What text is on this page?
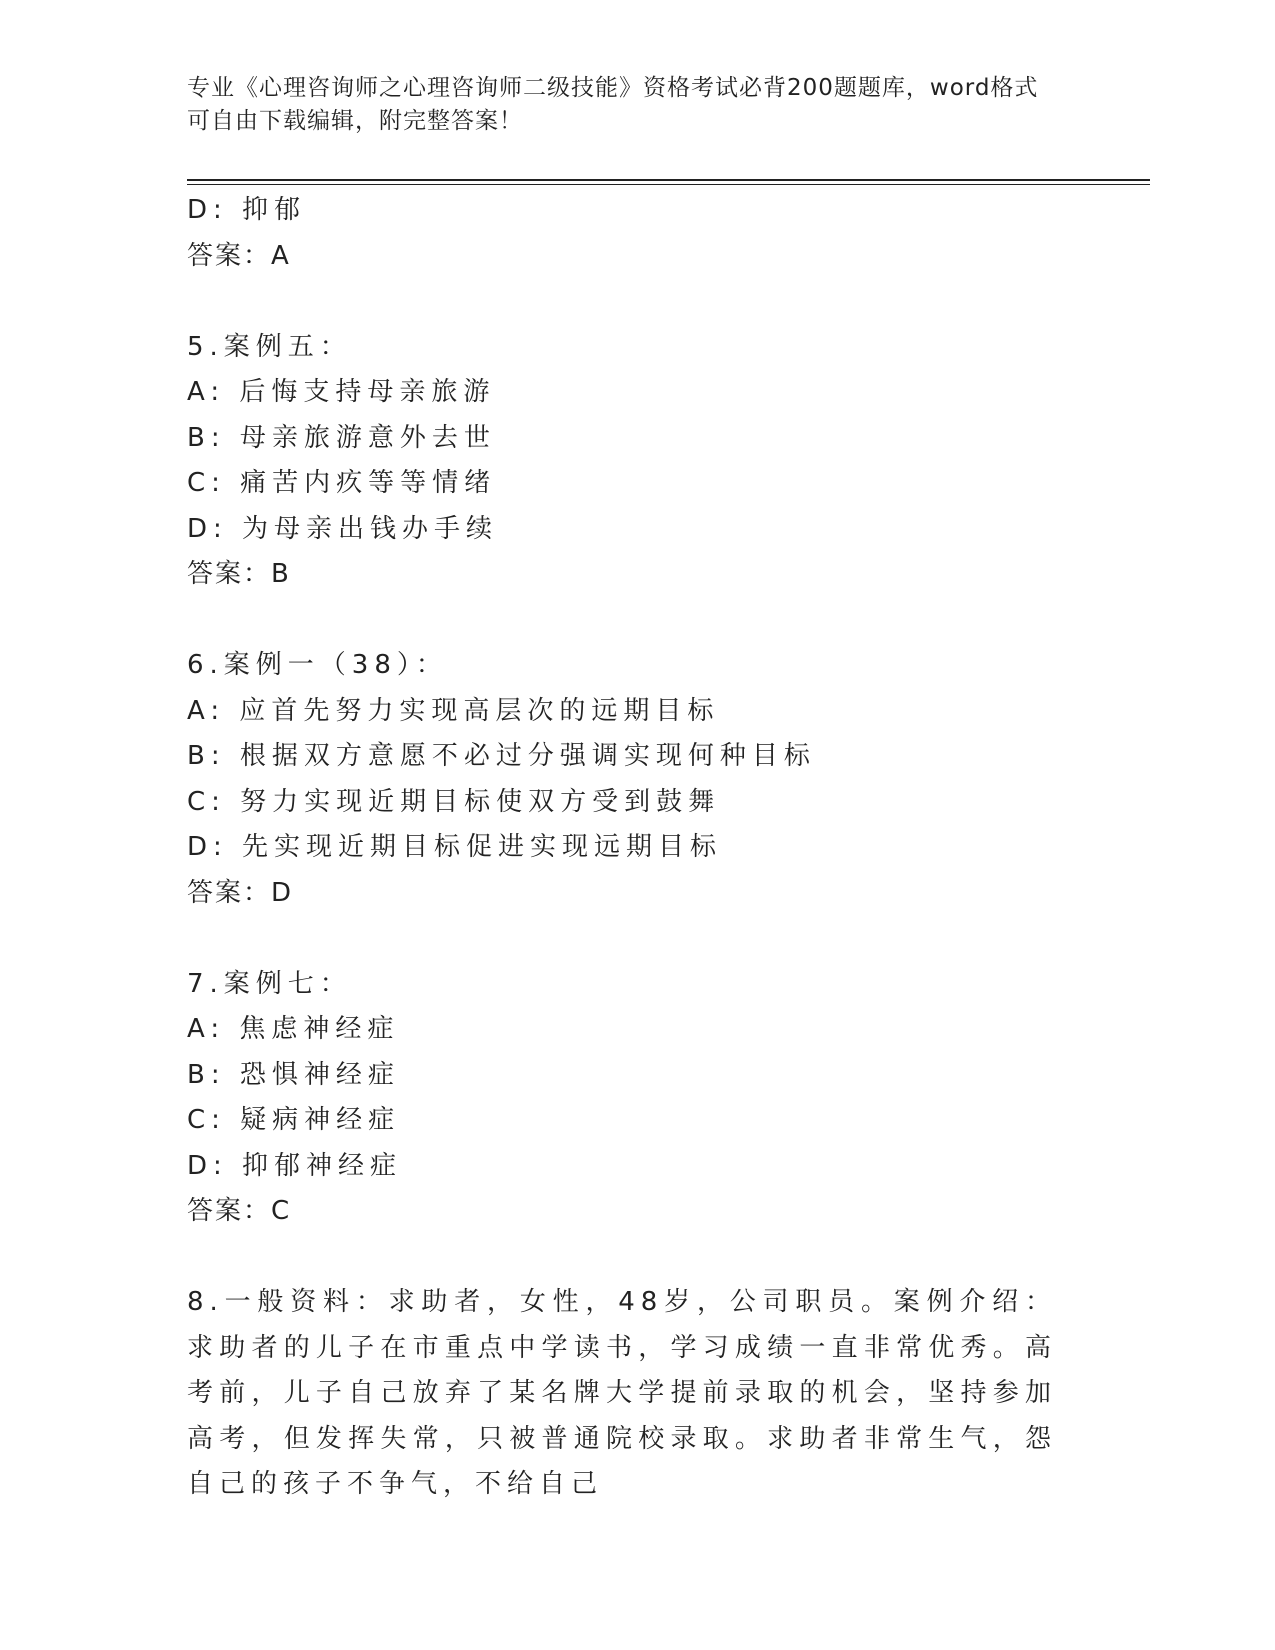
专业《心理咨询师之心理咨询师二级技能》资格考试必背200题题库，word格式
可自由下载编辑，附完整答案！
D: 抑郁
答案：A
5.案例五：
A: 后悔支持母亲旅游
B: 母亲旅游意外去世
C: 痛苦内疚等等情绪
D: 为母亲出钱办手续
答案：B
6.案例一（38）：
A: 应首先努力实现高层次的远期目标
B: 根据双方意愿不必过分强调实现何种目标
C: 努力实现近期目标使双方受到鼓舞
D: 先实现近期目标促进实现远期目标
答案：D
7.案例七：
A: 焦虑神经症
B: 恐惧神经症
C: 疑病神经症
D: 抑郁神经症
答案：C
8.一般资料：求助者，女性，48岁，公司职员。案例介绍：求助者的儿子在市重点中学读书，学习成绩一直非常优秀。高考前，儿子自己放弃了某名牌大学提前录取的机会，坚持参加高考，但发挥失常，只被普通院校录取。求助者非常生气，怨自己的孩子不争气，不给自己
